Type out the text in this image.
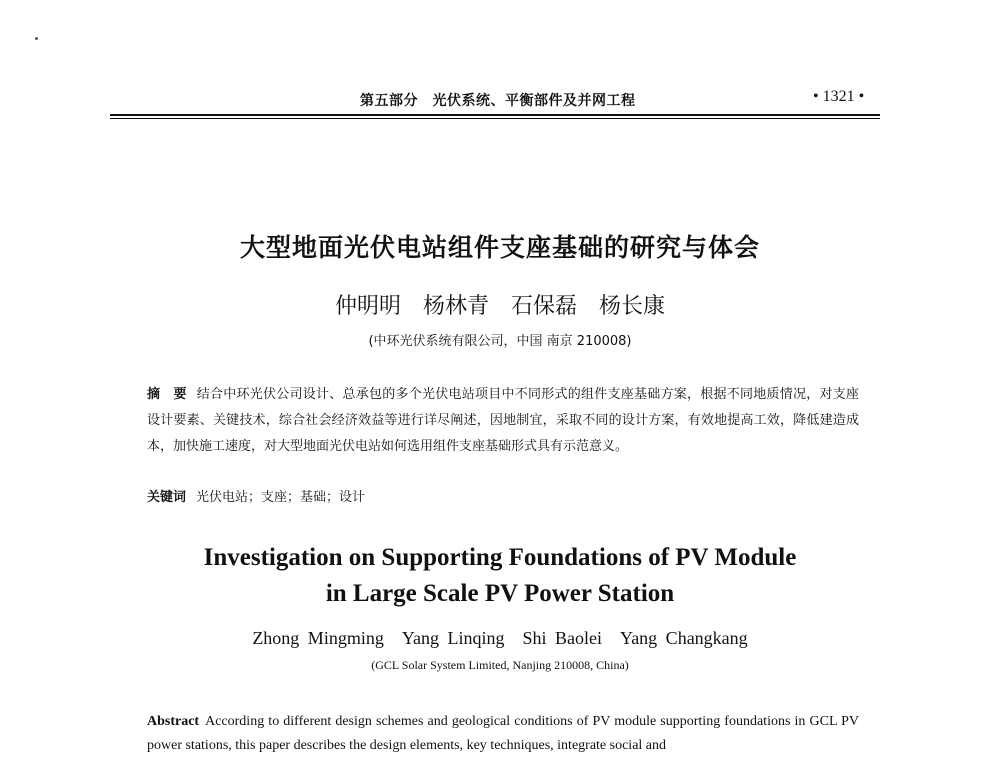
第五部分　光伏系统、平衡部件及并网工程	• 1321 •
大型地面光伏电站组件支座基础的研究与体会
仲明明　杨林青　石保磊　杨长康
(中环光伏系统有限公司，中国 南京 210008)
摘　要 结合中环光伏公司设计、总承包的多个光伏电站项目中不同形式的组件支座基础方案，根据不同地质情况，对支座设计要素、关键技术，综合社会经济效益等进行详尽阐述，因地制宜，采取不同的设计方案，有效地提高工效，降低建造成本，加快施工速度，对大型地面光伏电站如何选用组件支座基础形式具有示范意义。
关键词 光伏电站；支座；基础；设计
Investigation on Supporting Foundations of PV Module
in Large Scale PV Power Station
Zhong Mingming　Yang Linqing　Shi Baolei　Yang Changkang
(GCL Solar System Limited, Nanjing 210008, China)
Abstract According to different design schemes and geological conditions of PV module supporting foundations in GCL PV power stations, this paper describes the design elements, key techniques, integrate social and
